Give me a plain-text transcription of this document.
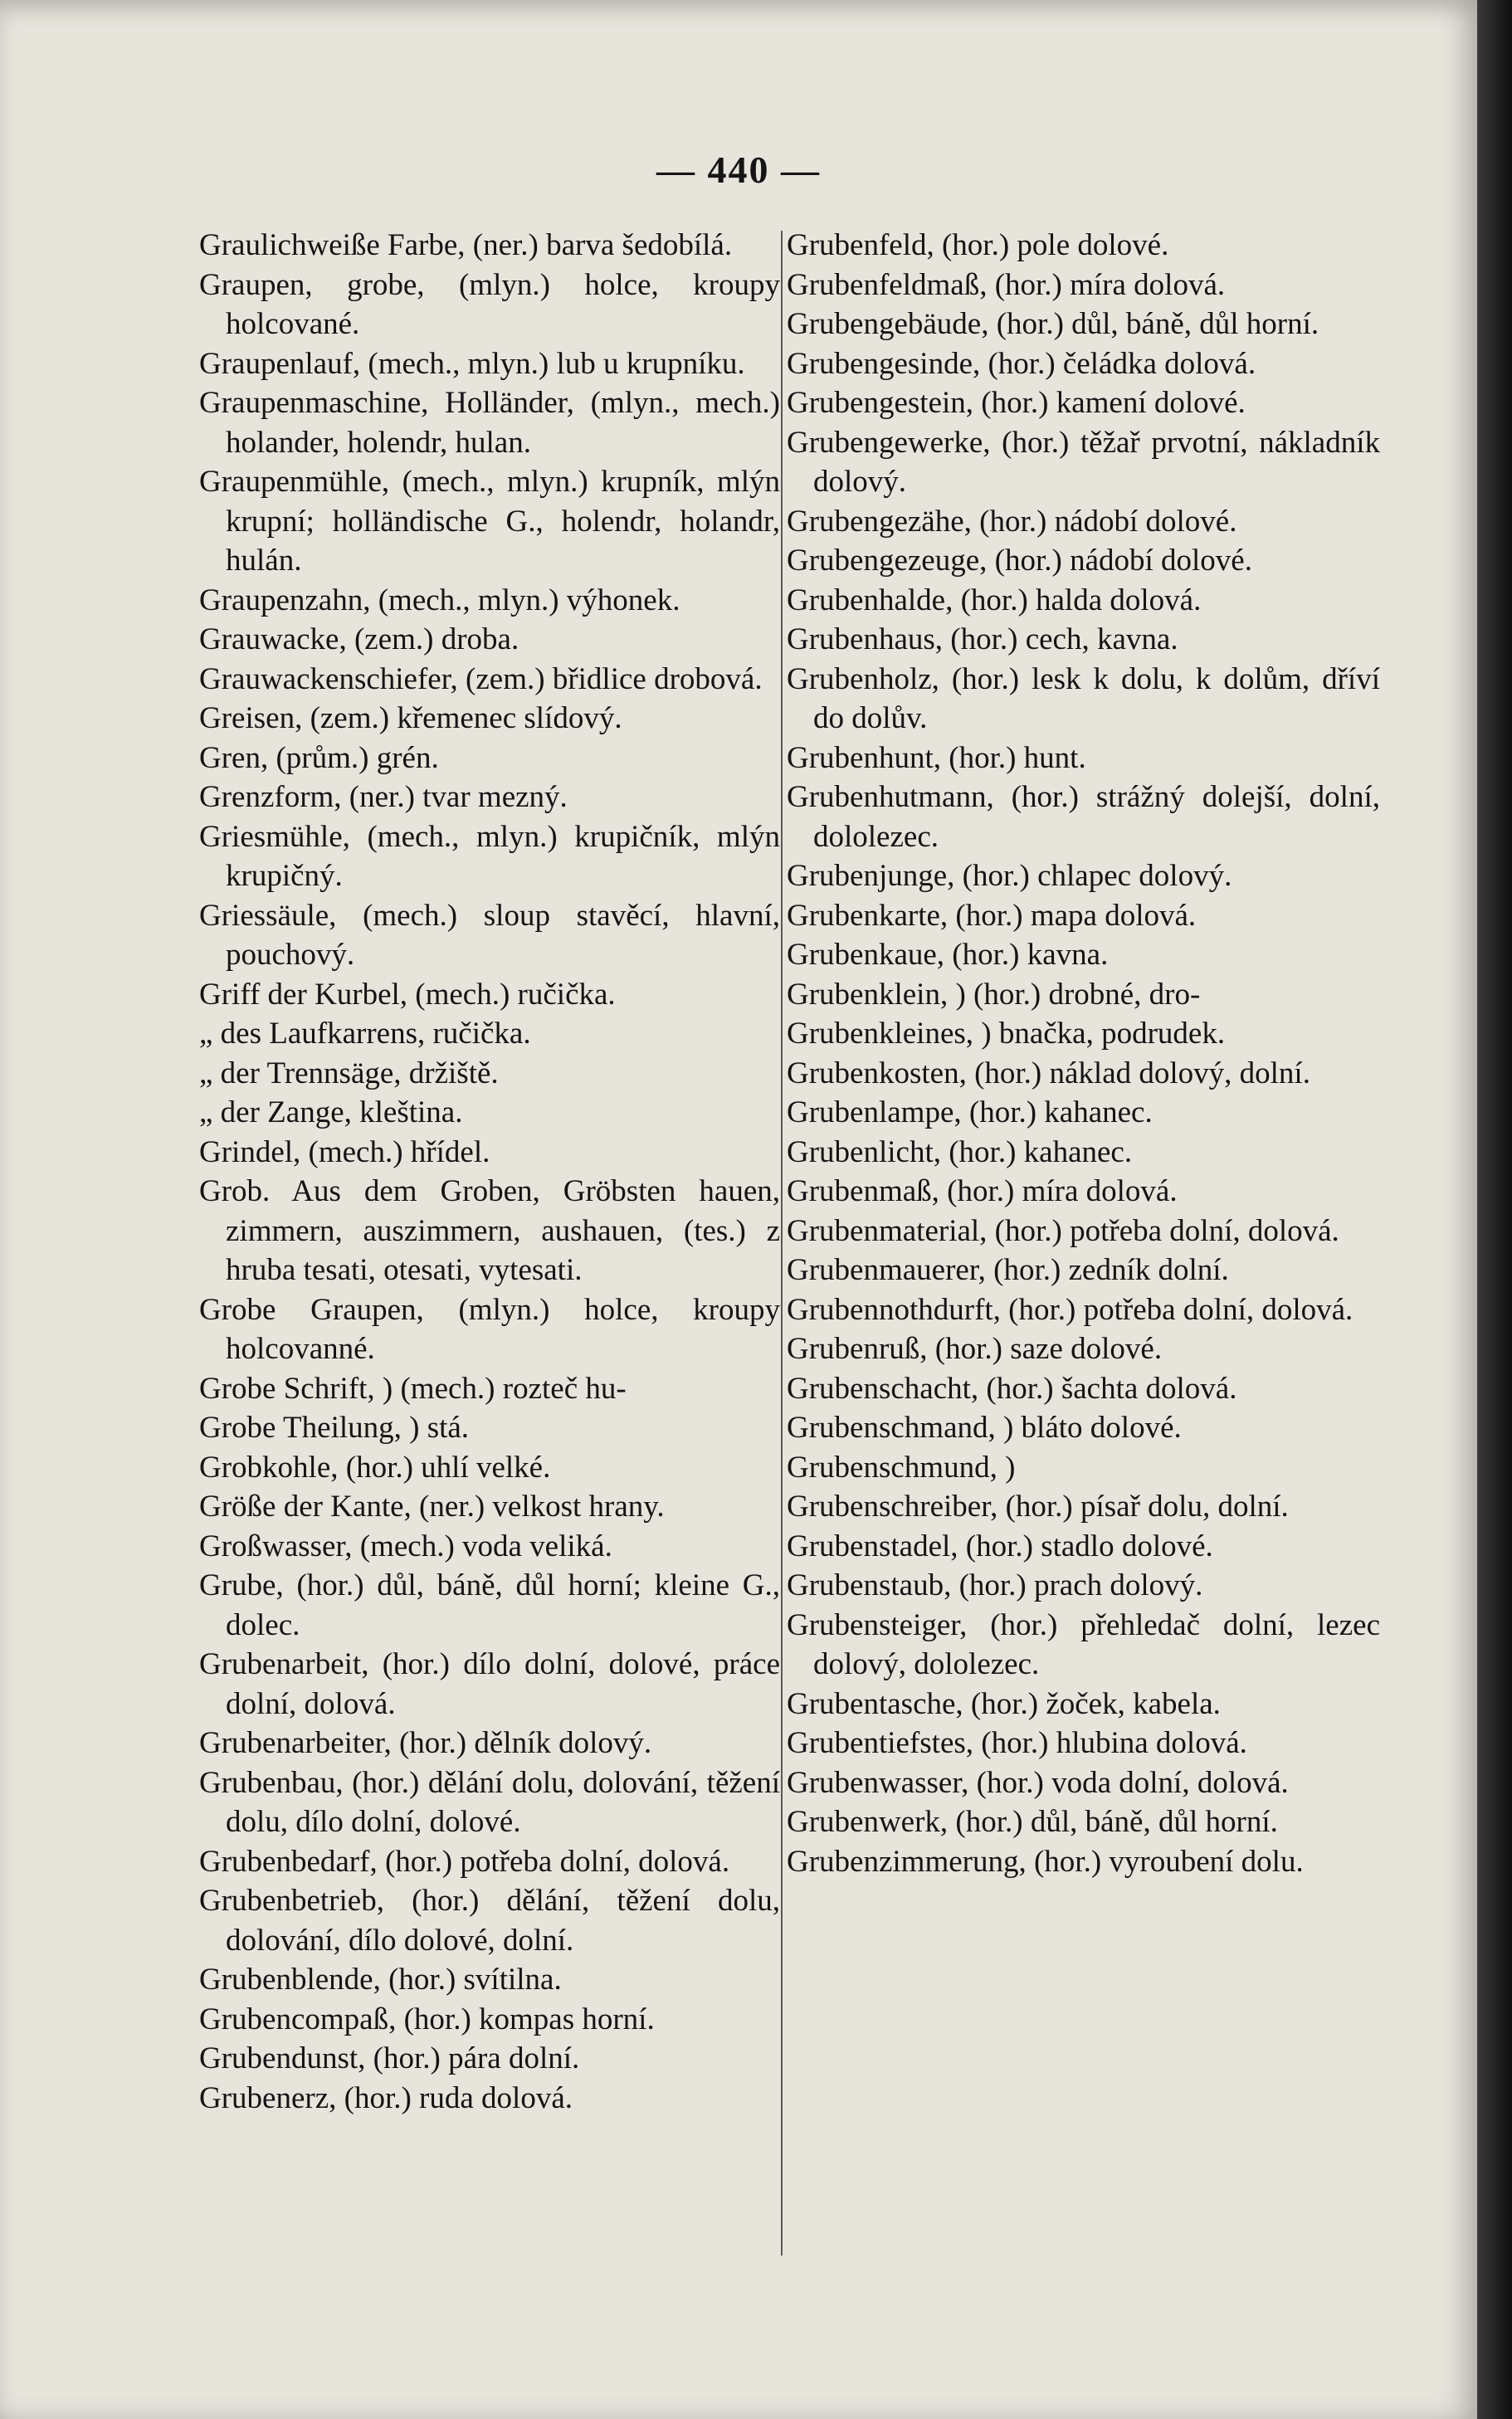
— 440 —
Graulichweiße Farbe, (ner.) barva šedobílá.
Graupen, grobe, (mlyn.) holce, kroupy holcované.
Graupenlauf, (mech., mlyn.) lub u krupníku.
Graupenmaschine, Holländer, (mlyn., mech.) holander, holendr, hulan.
Graupenmühle, (mech., mlyn.) krupník, mlýn krupní; holländische G., holendr, holandr, hulán.
Graupenzahn, (mech., mlyn.) výhonek.
Grauwacke, (zem.) droba.
Grauwackenschiefer, (zem.) břidlice drobová.
Greisen, (zem.) křemenec slídový.
Gren, (prům.) grén.
Grenzform, (ner.) tvar mezný.
Griesmühle, (mech., mlyn.) krupičník, mlýn krupičný.
Griessäule, (mech.) sloup stavěcí, hlavní, pouchový.
Griff der Kurbel, (mech.) ručička.
„ des Laufkarrens, ručička.
„ der Trennsäge, držiště.
„ der Zange, kleština.
Grindel, (mech.) hřídel.
Grob. Aus dem Groben, Gröbsten hauen, zimmern, auszimmern, aushauen, (tes.) z hruba tesati, otesati, vytesati.
Grobe Graupen, (mlyn.) holce, kroupy holcovanné.
Grobe Schrift, ) (mech.) rozteč hu-
Grobe Theilung, ) stá.
Grobkohle, (hor.) uhlí velké.
Größe der Kante, (ner.) velkost hrany.
Großwasser, (mech.) voda veliká.
Grube, (hor.) důl, báně, důl horní; kleine G., dolec.
Grubenarbeit, (hor.) dílo dolní, dolové, práce dolní, dolová.
Grubenarbeiter, (hor.) dělník dolový.
Grubenbau, (hor.) dělání dolu, dolování, těžení dolu, dílo dolní, dolové.
Grubenbedarf, (hor.) potřeba dolní, dolová.
Grubenbetrieb, (hor.) dělání, těžení dolu, dolování, dílo dolové, dolní.
Grubenblende, (hor.) svítilna.
Grubencompaß, (hor.) kompas horní.
Grubendunst, (hor.) pára dolní.
Grubenerz, (hor.) ruda dolová.
Grubenfeld, (hor.) pole dolové.
Grubenfeldmaß, (hor.) míra dolová.
Grubengebäude, (hor.) důl, báně, důl horní.
Grubengesinde, (hor.) čeládka dolová.
Grubengestein, (hor.) kamení dolové.
Grubengewerke, (hor.) těžař prvotní, nákladník dolový.
Grubengezähe, (hor.) nádobí dolové.
Grubengezeuge, (hor.) nádobí dolové.
Grubenhalde, (hor.) halda dolová.
Grubenhaus, (hor.) cech, kavna.
Grubenholz, (hor.) lesk k dolu, k dolům, dříví do dolův.
Grubenhunt, (hor.) hunt.
Grubenhutmann, (hor.) strážný dolejší, dolní, dololezec.
Grubenjunge, (hor.) chlapec dolový.
Grubenkarte, (hor.) mapa dolová.
Grubenkaue, (hor.) kavna.
Grubenklein, ) (hor.) drobné, dro-
Grubenkleines, ) bnačka, podrudek.
Grubenkosten, (hor.) náklad dolový, dolní.
Grubenlampe, (hor.) kahanec.
Grubenlicht, (hor.) kahanec.
Grubenmaß, (hor.) míra dolová.
Grubenmaterial, (hor.) potřeba dolní, dolová.
Grubenmauerer, (hor.) zedník dolní.
Grubennothdurft, (hor.) potřeba dolní, dolová.
Grubenruß, (hor.) saze dolové.
Grubenschacht, (hor.) šachta dolová.
Grubenschmand, ) bláto dolové.
Grubenschmund, )
Grubenschreiber, (hor.) písař dolu, dolní.
Grubenstadel, (hor.) stadlo dolové.
Grubenstaub, (hor.) prach dolový.
Grubensteiger, (hor.) přehledač dolní, lezec dolový, dololezec.
Grubentasche, (hor.) žoček, kabela.
Grubentiefstes, (hor.) hlubina dolová.
Grubenwasser, (hor.) voda dolní, dolová.
Grubenwerk, (hor.) důl, báně, důl horní.
Grubenzimmerung, (hor.) vyroubení dolu.
